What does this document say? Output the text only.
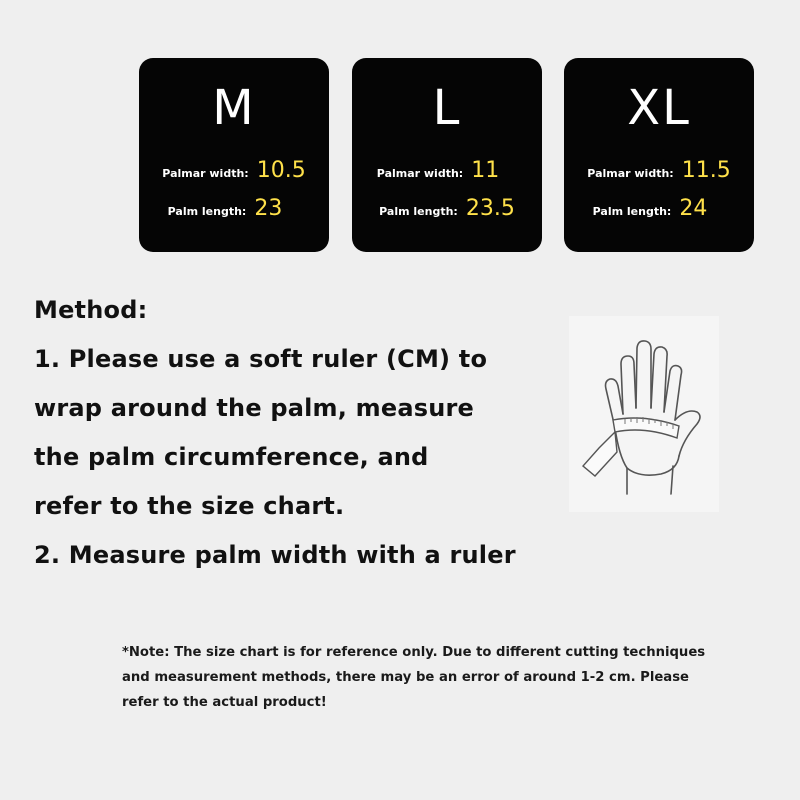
M
Palmar width: 10.5
Palm length: 23
L
Palmar width: 11
Palm length: 23.5
XL
Palmar width: 11.5
Palm length: 24
Method:
1. Please use a soft ruler (CM) to
wrap around the palm, measure
the palm circumference, and
refer to the size chart.
2. Measure palm width with a ruler
*Note: The size chart is for reference only. Due to different cutting techniques
and measurement methods, there may be an error of around 1-2 cm. Please
refer to the actual product!
